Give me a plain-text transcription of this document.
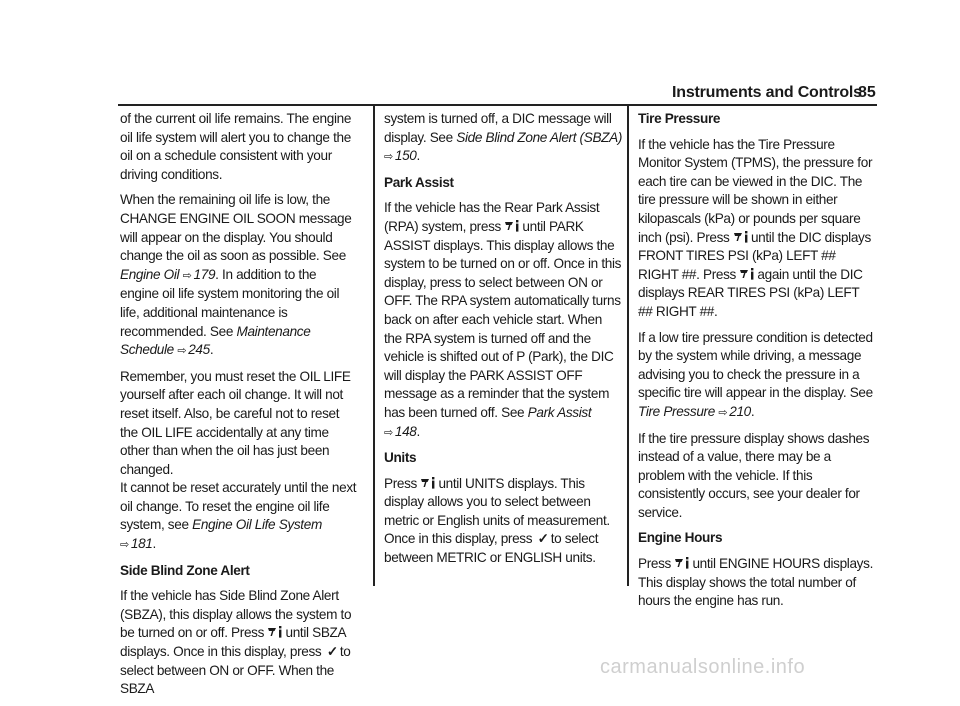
Instruments and Controls
85

of the current oil life remains. The engine oil life system will alert you to change the oil on a schedule consistent with your driving conditions.

When the remaining oil life is low, the CHANGE ENGINE OIL SOON message will appear on the display. You should change the oil as soon as possible. See Engine Oil ⇨ 179. In addition to the engine oil life system monitoring the oil life, additional maintenance is recommended. See Maintenance Schedule ⇨ 245.

Remember, you must reset the OIL LIFE yourself after each oil change. It will not reset itself. Also, be careful not to reset the OIL LIFE accidentally at any time other than when the oil has just been changed.
It cannot be reset accurately until the next oil change. To reset the engine oil life system, see Engine Oil Life System ⇨ 181.

Side Blind Zone Alert

If the vehicle has Side Blind Zone Alert (SBZA), this display allows the system to be turned on or off. Press until SBZA displays. Once in this display, press ✓ to select between ON or OFF. When the SBZA

system is turned off, a DIC message will display. See Side Blind Zone Alert (SBZA)
⇨ 150.

Park Assist

If the vehicle has the Rear Park Assist (RPA) system, press until PARK ASSIST displays. This display allows the system to be turned on or off. Once in this display, press to select between ON or OFF. The RPA system automatically turns back on after each vehicle start. When the RPA system is turned off and the vehicle is shifted out of P (Park), the DIC will display the PARK ASSIST OFF message as a reminder that the system has been turned off. See Park Assist
⇨ 148.

Units

Press until UNITS displays. This display allows you to select between metric or English units of measurement. Once in this display, press ✓ to select between METRIC or ENGLISH units.

Tire Pressure

If the vehicle has the Tire Pressure Monitor System (TPMS), the pressure for each tire can be viewed in the DIC. The tire pressure will be shown in either kilopascals (kPa) or pounds per square inch (psi). Press until the DIC displays FRONT TIRES PSI (kPa) LEFT ## RIGHT ##. Press again until the DIC displays REAR TIRES PSI (kPa) LEFT ## RIGHT ##.

If a low tire pressure condition is detected by the system while driving, a message advising you to check the pressure in a specific tire will appear in the display. See
Tire Pressure ⇨ 210.

If the tire pressure display shows dashes instead of a value, there may be a problem with the vehicle. If this consistently occurs, see your dealer for service.

Engine Hours

Press until ENGINE HOURS displays. This display shows the total number of hours the engine has run.

carmanualsonline.info
